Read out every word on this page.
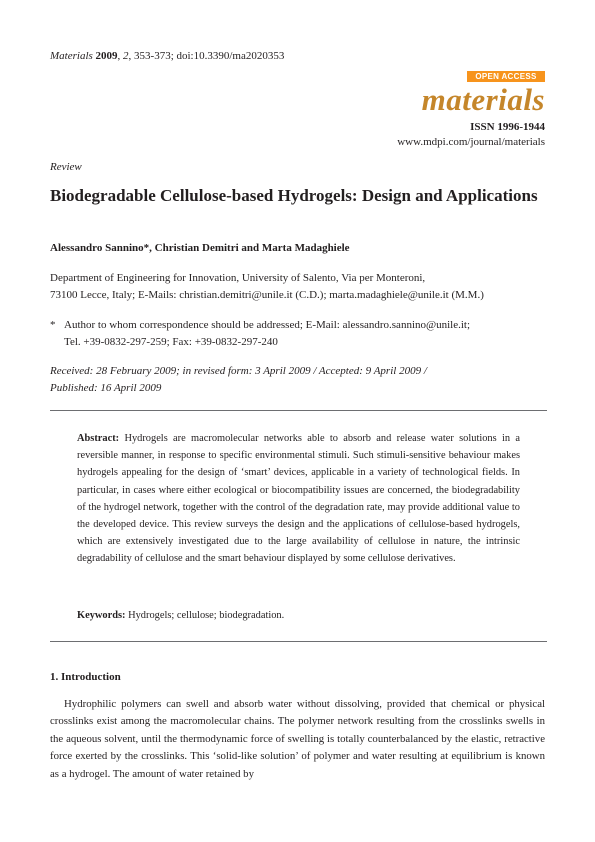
Materials 2009, 2, 353-373; doi:10.3390/ma2020353
OPEN ACCESS
materials
ISSN 1996-1944
www.mdpi.com/journal/materials
Review
Biodegradable Cellulose-based Hydrogels: Design and Applications
Alessandro Sannino*, Christian Demitri and Marta Madaghiele
Department of Engineering for Innovation, University of Salento, Via per Monteroni,
73100 Lecce, Italy; E-Mails: christian.demitri@unile.it (C.D.); marta.madaghiele@unile.it (M.M.)
* Author to whom correspondence should be addressed; E-Mail: alessandro.sannino@unile.it;
Tel. +39-0832-297-259; Fax: +39-0832-297-240
Received: 28 February 2009; in revised form: 3 April 2009 / Accepted: 9 April 2009 /
Published: 16 April 2009
Abstract: Hydrogels are macromolecular networks able to absorb and release water solutions in a reversible manner, in response to specific environmental stimuli. Such stimuli-sensitive behaviour makes hydrogels appealing for the design of ‘smart’ devices, applicable in a variety of technological fields. In particular, in cases where either ecological or biocompatibility issues are concerned, the biodegradability of the hydrogel network, together with the control of the degradation rate, may provide additional value to the developed device. This review surveys the design and the applications of cellulose-based hydrogels, which are extensively investigated due to the large availability of cellulose in nature, the intrinsic degradability of cellulose and the smart behaviour displayed by some cellulose derivatives.
Keywords: Hydrogels; cellulose; biodegradation.
1. Introduction
Hydrophilic polymers can swell and absorb water without dissolving, provided that chemical or physical crosslinks exist among the macromolecular chains. The polymer network resulting from the crosslinks swells in the aqueous solvent, until the thermodynamic force of swelling is totally counterbalanced by the elastic, retractive force exerted by the crosslinks. This ‘solid-like solution’ of polymer and water resulting at equilibrium is known as a hydrogel. The amount of water retained by
